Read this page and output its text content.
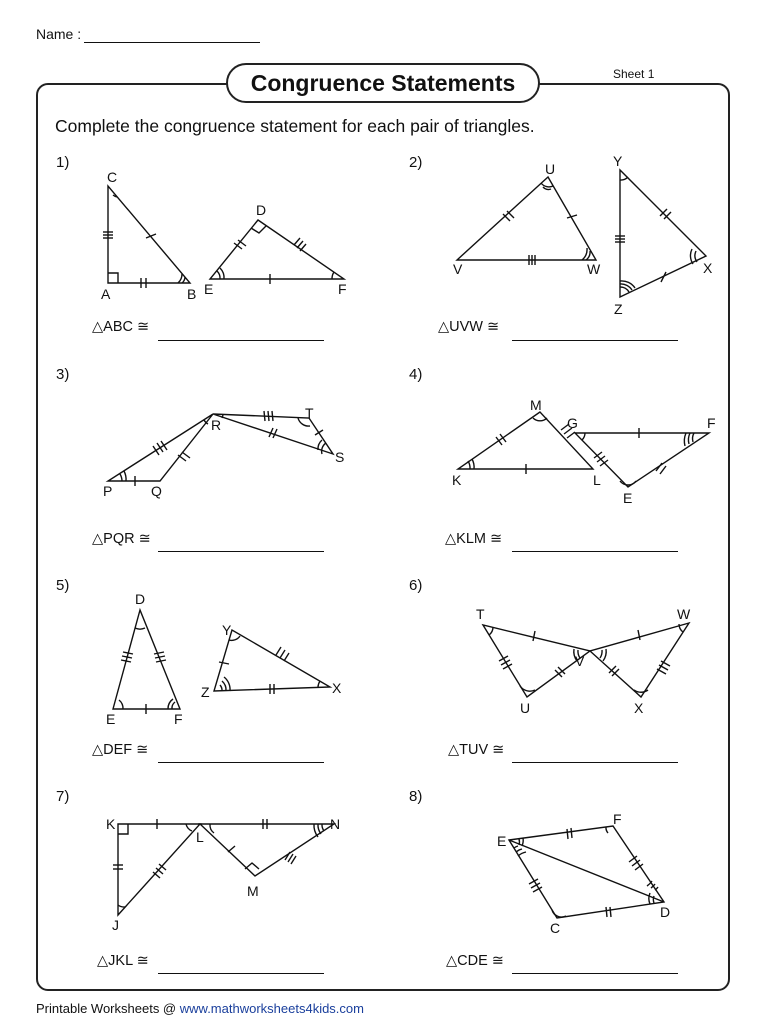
Name :
Sheet 1
Congruence Statements
Complete the congruence statement for each pair of triangles.
1)	2)
3)	4)
5)	6)
7)	8)
△ABC ≅	△UVW ≅
△PQR ≅	△KLM ≅
△DEF ≅	△TUV ≅
△JKL ≅	△CDE ≅
C
A	B
D
E	F
U
V	W
Y
X
Z
R
P	Q
T
S
M
G	F
K	L
E
D
E	F
Y
Z	X
T	W
V
U	X
K
L
N
M
J
E
F
D
C
Printable Worksheets @ www.mathworksheets4kids.com
